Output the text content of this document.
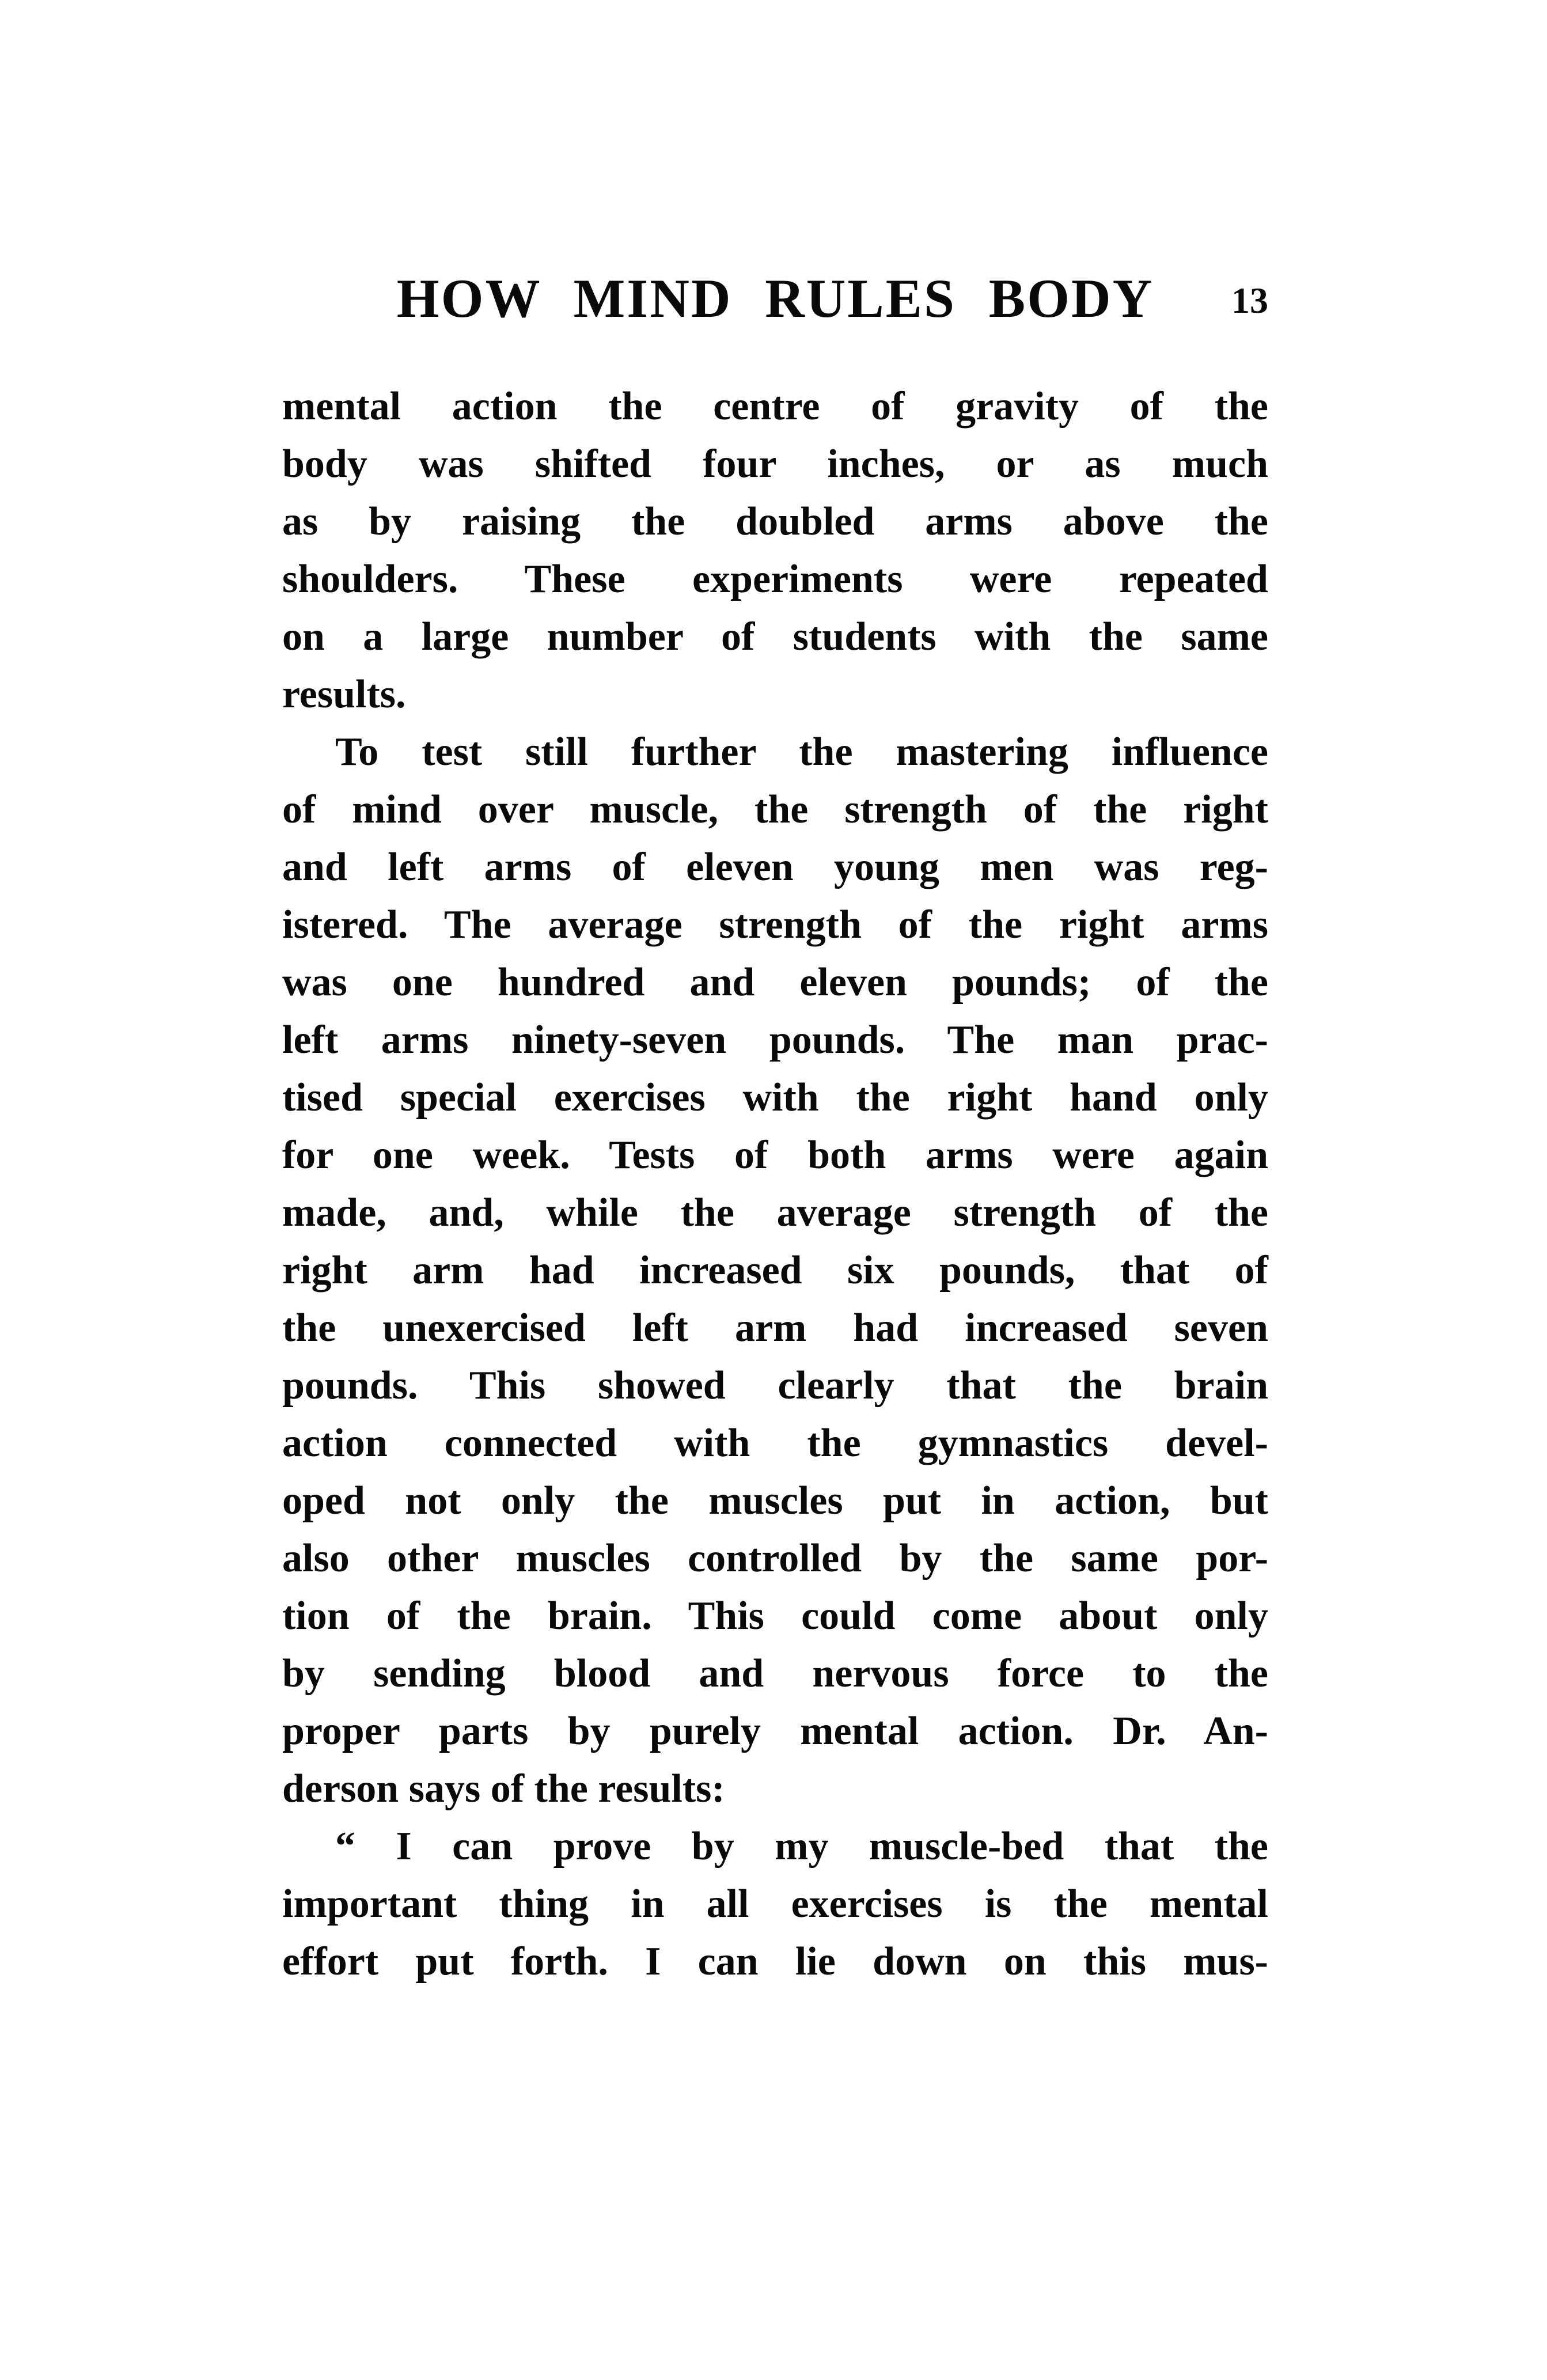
HOW MIND RULES BODY	13
mental action the centre of gravity of the
body was shifted four inches, or as much
as by raising the doubled arms above the
shoulders. These experiments were repeated
on a large number of students with the same
results.
To test still further the mastering influence
of mind over muscle, the strength of the right
and left arms of eleven young men was reg-
istered. The average strength of the right arms
was one hundred and eleven pounds; of the
left arms ninety-seven pounds. The man prac-
tised special exercises with the right hand only
for one week. Tests of both arms were again
made, and, while the average strength of the
right arm had increased six pounds, that of
the unexercised left arm had increased seven
pounds. This showed clearly that the brain
action connected with the gymnastics devel-
oped not only the muscles put in action, but
also other muscles controlled by the same por-
tion of the brain. This could come about only
by sending blood and nervous force to the
proper parts by purely mental action. Dr. An-
derson says of the results:
“ I can prove by my muscle-bed that the
important thing in all exercises is the mental
effort put forth. I can lie down on this mus-
